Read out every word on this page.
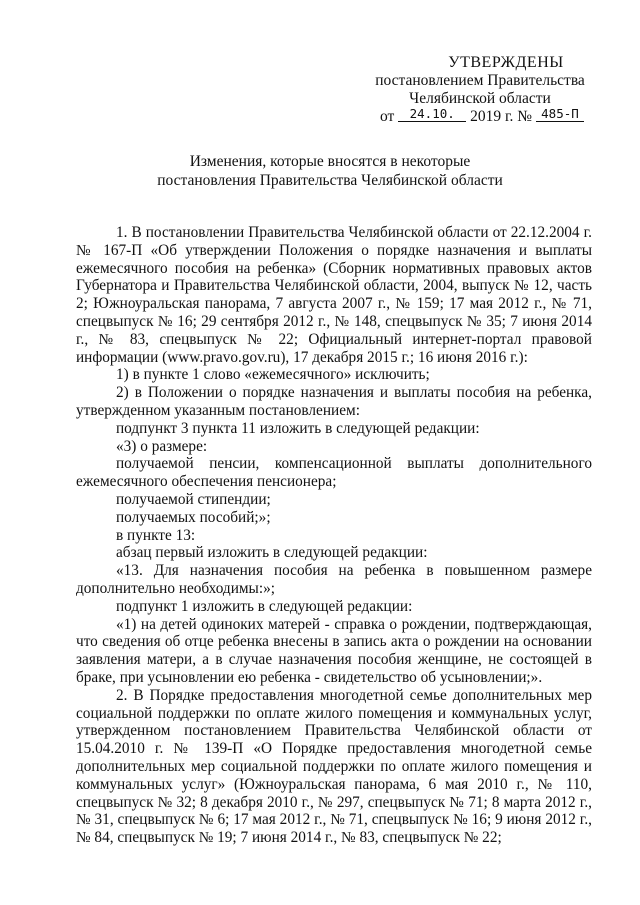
УТВЕРЖДЕНЫ
постановлением Правительства
Челябинской области
от 24.10. 2019 г. № 485-П
Изменения, которые вносятся в некоторые
постановления Правительства Челябинской области

1. В постановлении Правительства Челябинской области от 22.12.2004 г. № 167-П «Об утверждении Положения о порядке назначения и выплаты ежемесячного пособия на ребенка» (Сборник нормативных правовых актов Губернатора и Правительства Челябинской области, 2004, выпуск № 12, часть 2; Южноуральская панорама, 7 августа 2007 г., № 159; 17 мая 2012 г., № 71, спецвыпуск № 16; 29 сентября 2012 г., № 148, спецвыпуск № 35; 7 июня 2014 г., № 83, спецвыпуск № 22; Официальный интернет-портал правовой информации (www.pravo.gov.ru), 17 декабря 2015 г.; 16 июня 2016 г.):

1) в пункте 1 слово «ежемесячного» исключить;

2) в Положении о порядке назначения и выплаты пособия на ребенка, утвержденном указанным постановлением:

подпункт 3 пункта 11 изложить в следующей редакции:

«3) о размере:

получаемой пенсии, компенсационной выплаты дополнительного ежемесячного обеспечения пенсионера;

получаемой стипендии;

получаемых пособий;»;

в пункте 13:

абзац первый изложить в следующей редакции:

«13. Для назначения пособия на ребенка в повышенном размере дополнительно необходимы:»;

подпункт 1 изложить в следующей редакции:

«1) на детей одиноких матерей - справка о рождении, подтверждающая, что сведения об отце ребенка внесены в запись акта о рождении на основании заявления матери, а в случае назначения пособия женщине, не состоящей в браке, при усыновлении ею ребенка - свидетельство об усыновлении;».

2. В Порядке предоставления многодетной семье дополнительных мер социальной поддержки по оплате жилого помещения и коммунальных услуг, утвержденном постановлением Правительства Челябинской области от 15.04.2010 г. № 139-П «О Порядке предоставления многодетной семье дополнительных мер социальной поддержки по оплате жилого помещения и коммунальных услуг» (Южноуральская панорама, 6 мая 2010 г., № 110, спецвыпуск № 32; 8 декабря 2010 г., № 297, спецвыпуск № 71; 8 марта 2012 г., № 31, спецвыпуск № 6; 17 мая 2012 г., № 71, спецвыпуск № 16; 9 июня 2012 г., № 84, спецвыпуск № 19; 7 июня 2014 г., № 83, спецвыпуск № 22;
